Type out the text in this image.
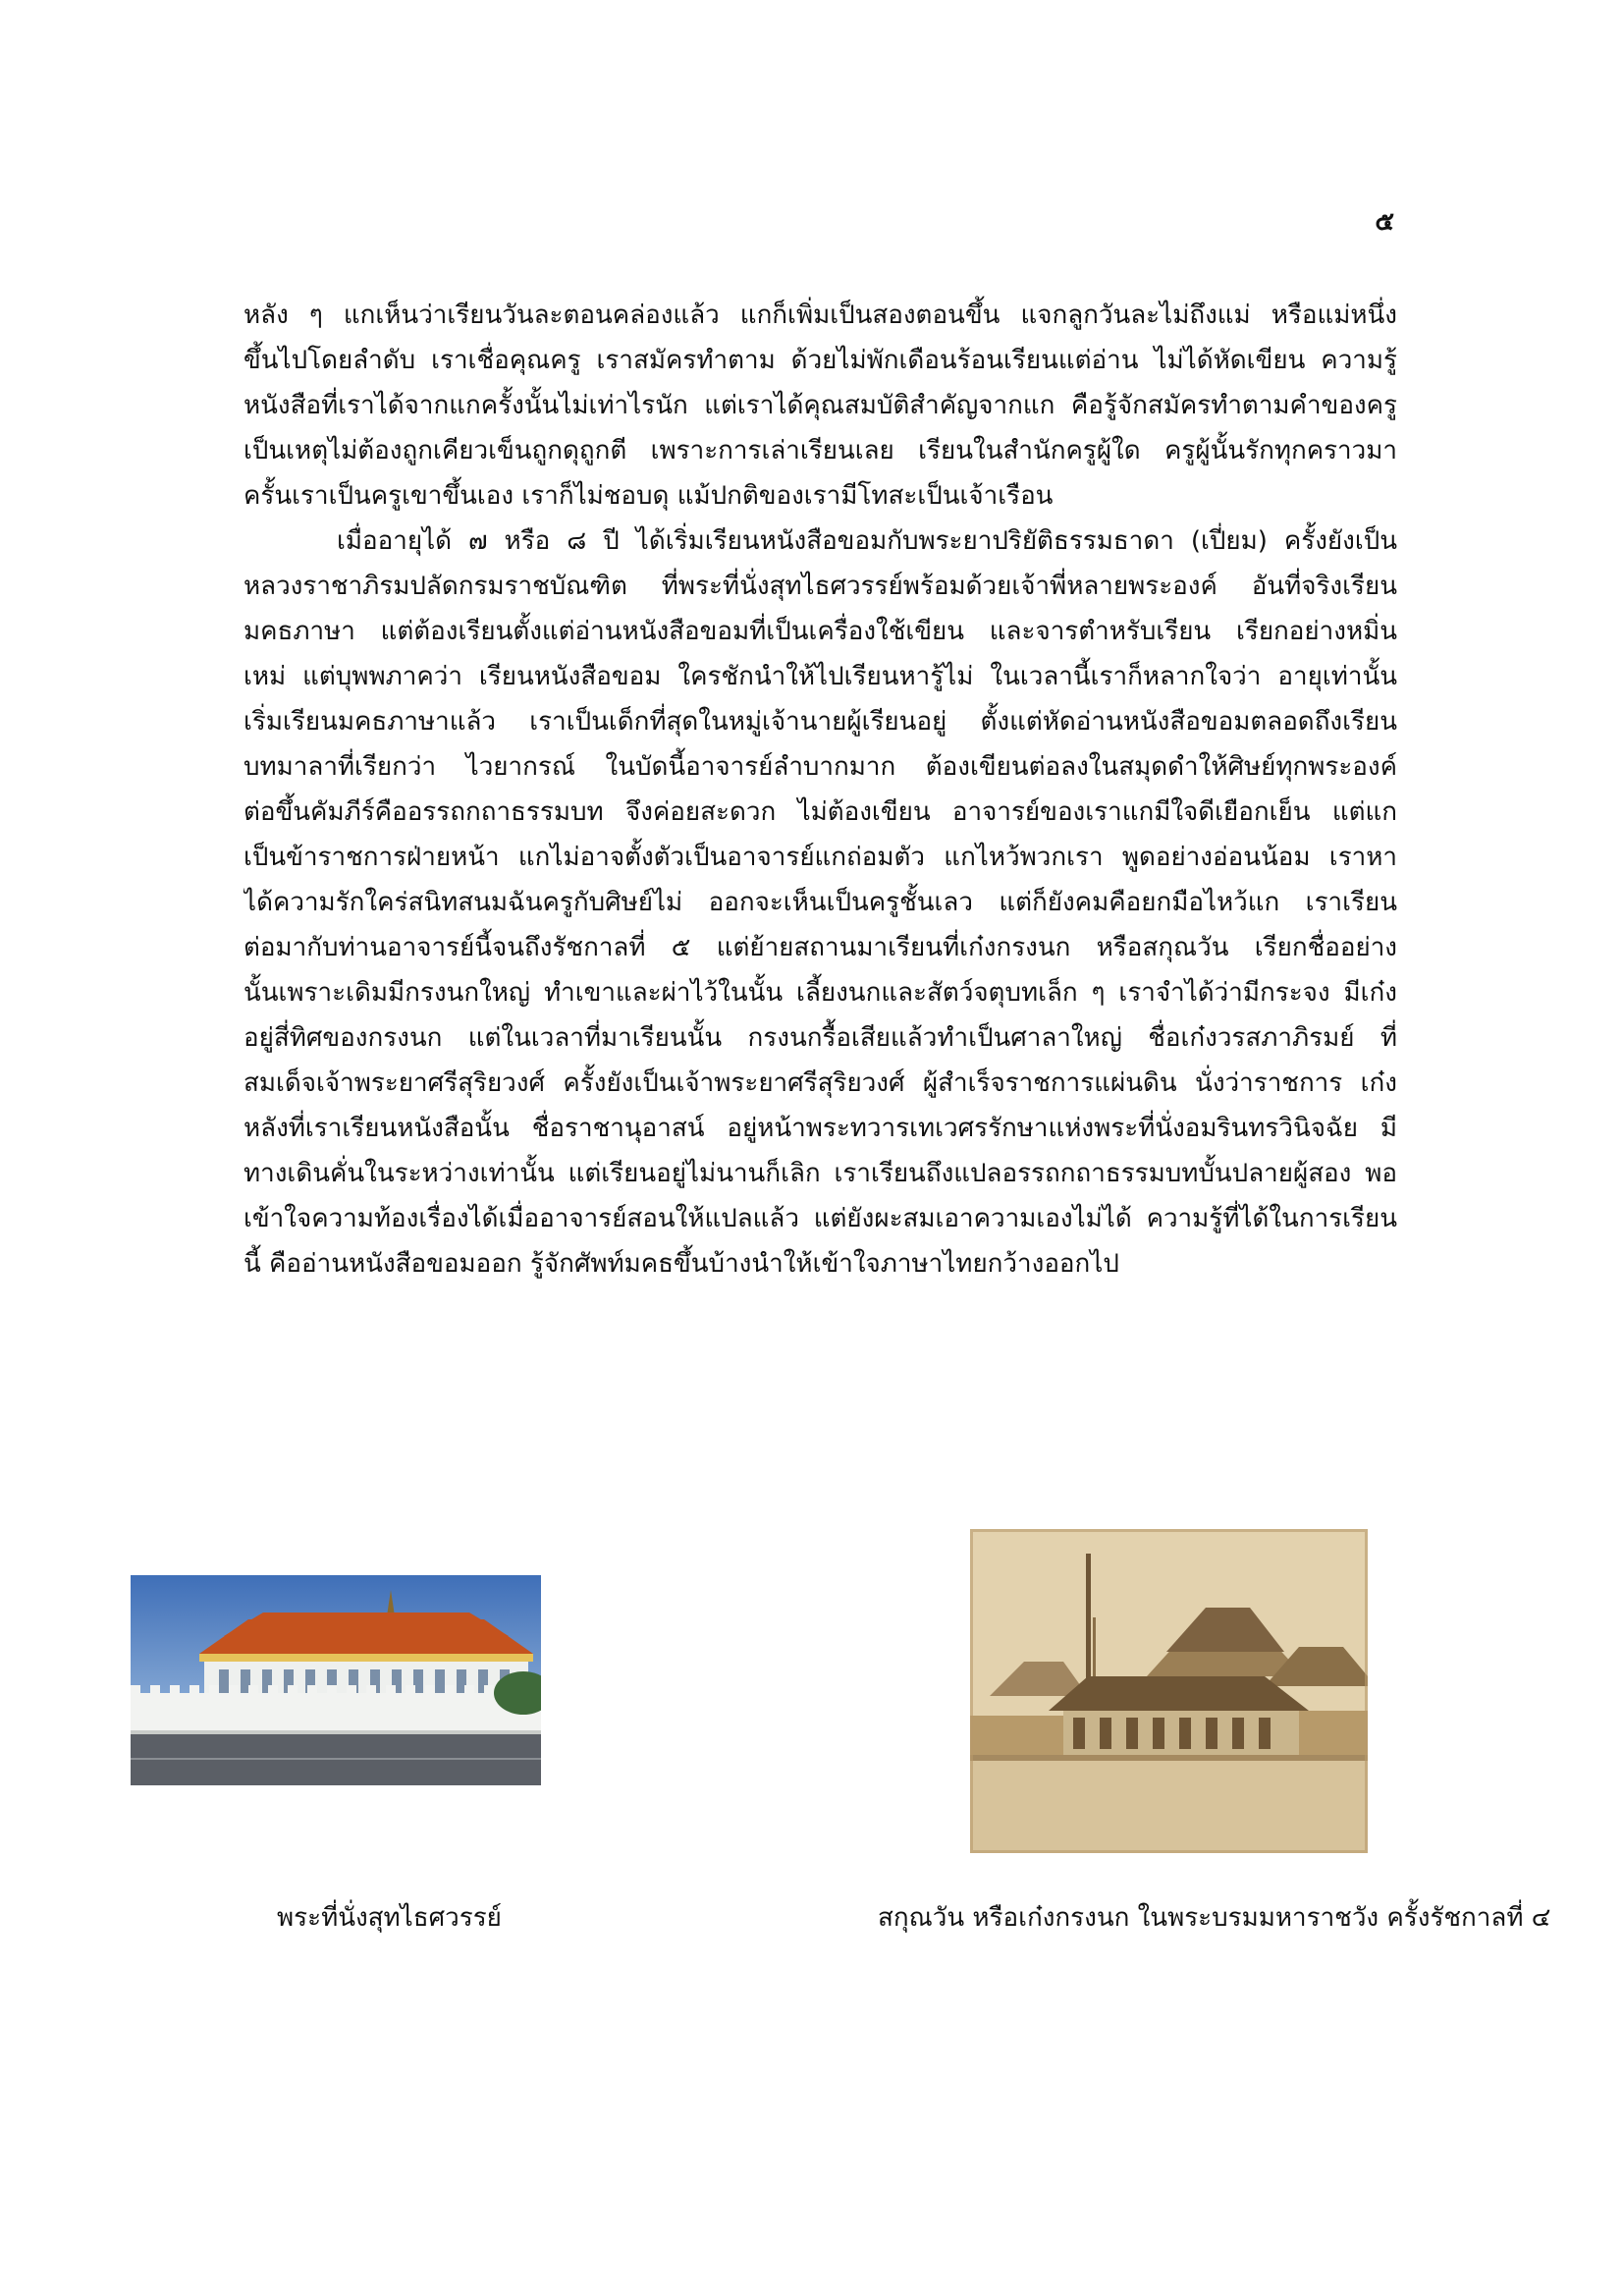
๕
หลัง ๆ แกเห็นว่าเรียนวันละตอนคล่องแล้ว แกก็เพิ่มเป็นสองตอนขึ้น แจกลูกวันละไม่ถึงแม่ หรือแม่หนึ่ง
ขึ้นไปโดยลำดับ เราเชื่อคุณครู เราสมัครทำตาม ด้วยไม่พักเดือนร้อนเรียนแต่อ่าน ไม่ได้หัดเขียน ความรู้
หนังสือที่เราได้จากแกครั้งนั้นไม่เท่าไรนัก แต่เราได้คุณสมบัติสำคัญจากแก คือรู้จักสมัครทำตามคำของครู
เป็นเหตุไม่ต้องถูกเคียวเข็นถูกดุถูกตี เพราะการเล่าเรียนเลย เรียนในสำนักครูผู้ใด ครูผู้นั้นรักทุกคราวมา
ครั้นเราเป็นครูเขาขึ้นเอง เราก็ไม่ชอบดุ แม้ปกติของเรามีโทสะเป็นเจ้าเรือน
เมื่ออายุได้ ๗ หรือ ๘ ปี ได้เริ่มเรียนหนังสือขอมกับพระยาปริยัติธรรมธาดา (เปี่ยม) ครั้งยังเป็น
หลวงราชาภิรมปลัดกรมราชบัณฑิต ที่พระที่นั่งสุทไธศวรรย์พร้อมด้วยเจ้าพี่หลายพระองค์ อันที่จริงเรียน
มคธภาษา แต่ต้องเรียนตั้งแต่อ่านหนังสือขอมที่เป็นเครื่องใช้เขียน และจารตำหรับเรียน เรียกอย่างหมิ่น
เหม่ แต่บุพพภาคว่า เรียนหนังสือขอม ใครชักนำให้ไปเรียนหารู้ไม่ ในเวลานี้เราก็หลากใจว่า อายุเท่านั้น
เริ่มเรียนมคธภาษาแล้ว เราเป็นเด็กที่สุดในหมู่เจ้านายผู้เรียนอยู่ ตั้งแต่หัดอ่านหนังสือขอมตลอดถึงเรียน
บทมาลาที่เรียกว่า ไวยากรณ์ ในบัดนี้อาจารย์ลำบากมาก ต้องเขียนต่อลงในสมุดดำให้ศิษย์ทุกพระองค์
ต่อขึ้นคัมภีร์คืออรรถกถาธรรมบท จึงค่อยสะดวก ไม่ต้องเขียน อาจารย์ของเราแกมีใจดีเยือกเย็น แต่แก
เป็นข้าราชการฝ่ายหน้า แกไม่อาจตั้งตัวเป็นอาจารย์แกถ่อมตัว แกไหว้พวกเรา พูดอย่างอ่อนน้อม เราหา
ได้ความรักใคร่สนิทสนมฉันครูกับศิษย์ไม่ ออกจะเห็นเป็นครูชั้นเลว แต่ก็ยังคมคือยกมือไหว้แก เราเรียน
ต่อมากับท่านอาจารย์นี้จนถึงรัชกาลที่ ๕ แต่ย้ายสถานมาเรียนที่เก๋งกรงนก หรือสกุณวัน เรียกชื่ออย่าง
นั้นเพราะเดิมมีกรงนกใหญ่ ทำเขาและผ่าไว้ในนั้น เลี้ยงนกและสัตว์จตุบทเล็ก ๆ เราจำได้ว่ามีกระจง มีเก๋ง
อยู่สี่ทิศของกรงนก แต่ในเวลาที่มาเรียนนั้น กรงนกรื้อเสียแล้วทำเป็นศาลาใหญ่ ชื่อเก๋งวรสภาภิรมย์ ที่
สมเด็จเจ้าพระยาศรีสุริยวงศ์ ครั้งยังเป็นเจ้าพระยาศรีสุริยวงศ์ ผู้สำเร็จราชการแผ่นดิน นั่งว่าราชการ เก๋ง
หลังที่เราเรียนหนังสือนั้น ชื่อราชานุอาสน์ อยู่หน้าพระทวารเทเวศรรักษาแห่งพระที่นั่งอมรินทรวินิจฉัย มี
ทางเดินคั่นในระหว่างเท่านั้น แต่เรียนอยู่ไม่นานก็เลิก เราเรียนถึงแปลอรรถกถาธรรมบทบั้นปลายผู้สอง พอ
เข้าใจความท้องเรื่องได้เมื่ออาจารย์สอนให้แปลแล้ว แต่ยังผะสมเอาความเองไม่ได้ ความรู้ที่ได้ในการเรียน
นี้ คืออ่านหนังสือขอมออก รู้จักศัพท์มคธขึ้นบ้างนำให้เข้าใจภาษาไทยกว้างออกไป
พระที่นั่งสุทไธศวรรย์	สกุณวัน หรือเก๋งกรงนก ในพระบรมมหาราชวัง ครั้งรัชกาลที่ ๔
